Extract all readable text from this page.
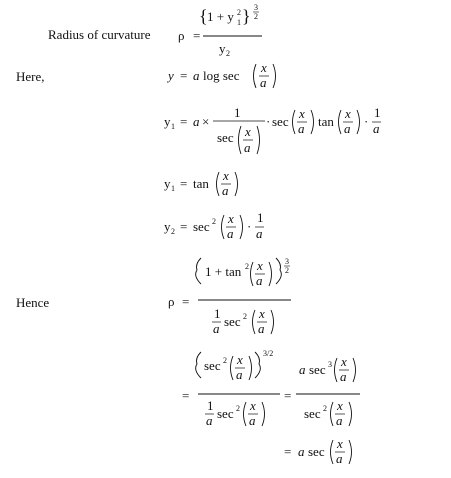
Radius of curvature
Here,
Hence
ρ =
{ 1 + y 1
2 } 3
2
y 2
y = a log sec
x
a
y 1 = a ×
1
sec x
a
· sec
x
a tan
x
a ·
1
a
y 1 = tan
x
a
y 2 = sec 2 x
a ·
1
a
ρ =
1 + tan 2 x
a
3
2
1
a sec 2 x
a
=
sec 2 x
a
3/2
1
a sec 2 x
a
=
a sec 3 x
a
sec 2 x
a
= a sec
x
a
